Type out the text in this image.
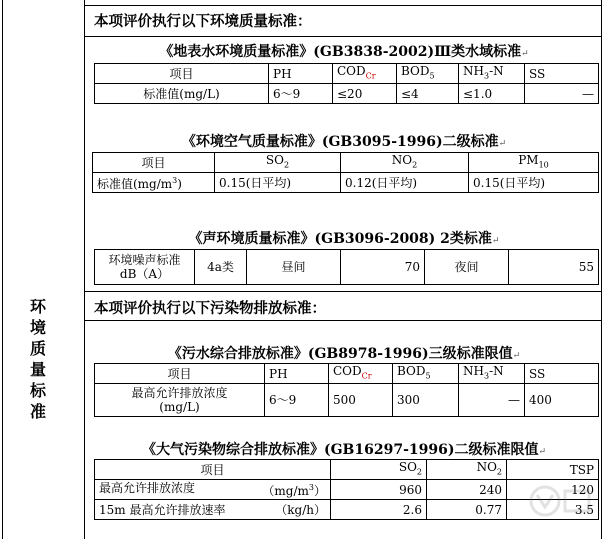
环
境
质
量
标
准
本项评价执行以下环境质量标准：
《地表水环境质量标准》(GB3838-2002)Ⅲ类水域标准↵
项目	PH	$COD_{Cr}$	$BOD_5$	$NH_3-N$	SS
标准值(mg/L)	6～9	≤20	≤4	≤1.0	—
《环境空气质量标准》(GB3095-1996)二级标准↵
项目	$SO_2$	$NO_2$	$PM_{10}$
标准值$(mg/m^3)$	0.15(日平均)	0.12(日平均)	0.15(日平均)
《声环境质量标准》(GB3096-2008) 2类标准↵
环境噪声标准
dB（A）	4a类	昼间	70	夜间	55
本项评价执行以下污染物排放标准：
《污水综合排放标准》(GB8978-1996)三级标准限值↵
项目	PH	$COD_{Cr}$	$BOD_5$	$NH_3-N$	SS
最高允许排放浓度
(mg/L)	6～9	500	300	—	400
《大气污染物综合排放标准》(GB16297-1996)二级标准限值↵
项目	$SO_2$	$NO_2$	TSP
最高允许排放浓度 $(mg/m^3)$	960	240	120
15m 最高允许排放速率 （kg/h）	2.6	0.77	3.5
